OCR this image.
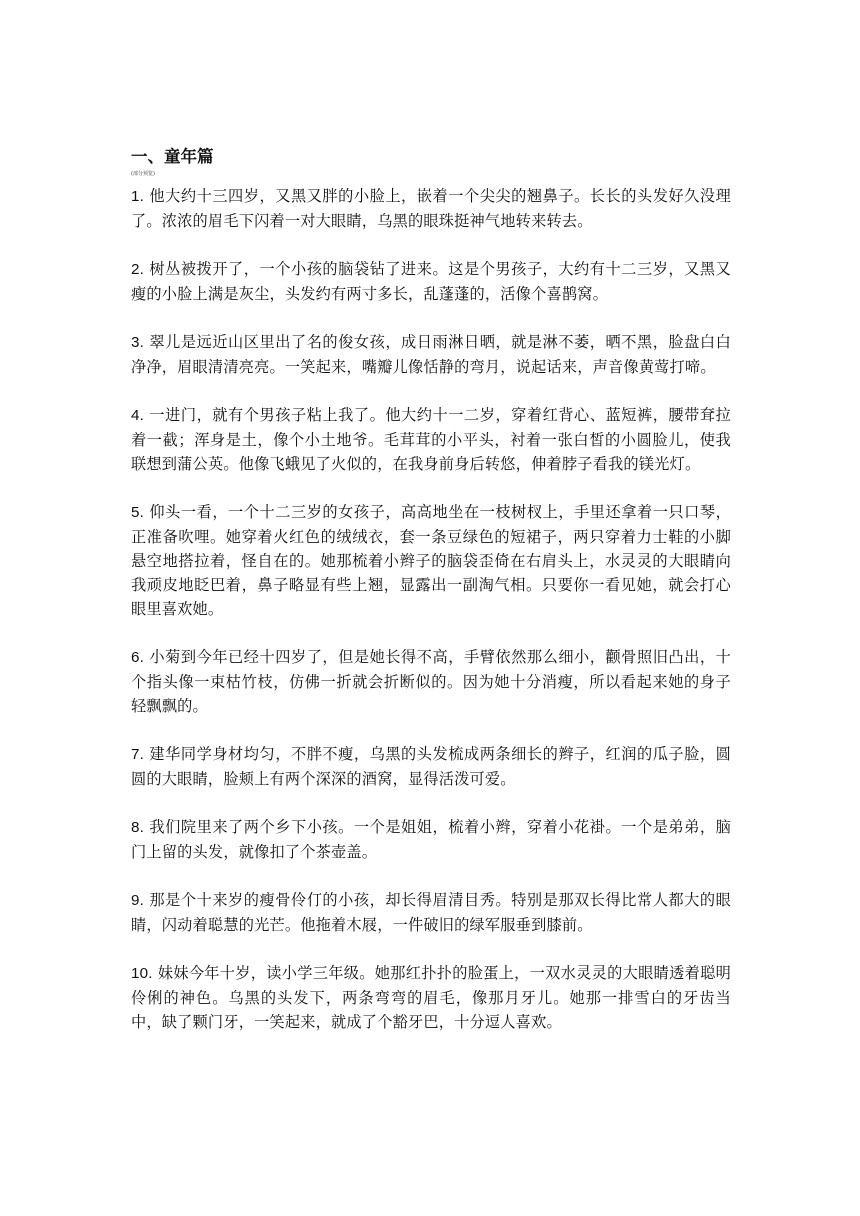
一、童年篇
(部分预览)

1. 他大约十三四岁，又黑又胖的小脸上，嵌着一个尖尖的翘鼻子。长长的头发好久没理了。浓浓的眉毛下闪着一对大眼睛，乌黑的眼珠挺神气地转来转去。

2. 树丛被拨开了，一个小孩的脑袋钻了进来。这是个男孩子，大约有十二三岁，又黑又瘦的小脸上满是灰尘，头发约有两寸多长，乱蓬蓬的，活像个喜鹊窝。

3. 翠儿是远近山区里出了名的俊女孩，成日雨淋日晒，就是淋不萎，晒不黑，脸盘白白净净，眉眼清清亮亮。一笑起来，嘴瓣儿像恬静的弯月，说起话来，声音像黄莺打啼。

4. 一进门，就有个男孩子粘上我了。他大约十一二岁，穿着红背心、蓝短裤，腰带耷拉着一截；浑身是土，像个小土地爷。毛茸茸的小平头，衬着一张白皙的小圆脸儿，使我联想到蒲公英。他像飞蛾见了火似的，在我身前身后转悠，伸着脖子看我的镁光灯。

5. 仰头一看，一个十二三岁的女孩子，高高地坐在一枝树杈上，手里还拿着一只口琴，正准备吹哩。她穿着火红色的绒绒衣，套一条豆绿色的短裙子，两只穿着力士鞋的小脚悬空地搭拉着，怪自在的。她那梳着小辫子的脑袋歪倚在右肩头上，水灵灵的大眼睛向我顽皮地眨巴着，鼻子略显有些上翘，显露出一副淘气相。只要你一看见她，就会打心眼里喜欢她。

6. 小菊到今年已经十四岁了，但是她长得不高，手臂依然那么细小，颧骨照旧凸出，十个指头像一束枯竹枝，仿佛一折就会折断似的。因为她十分消瘦，所以看起来她的身子轻飘飘的。

7. 建华同学身材均匀，不胖不瘦，乌黑的头发梳成两条细长的辫子，红润的瓜子脸，圆圆的大眼睛，脸颊上有两个深深的酒窝，显得活泼可爱。

8. 我们院里来了两个乡下小孩。一个是姐姐，梳着小辫，穿着小花褂。一个是弟弟，脑门上留的头发，就像扣了个茶壶盖。

9. 那是个十来岁的瘦骨伶仃的小孩，却长得眉清目秀。特别是那双长得比常人都大的眼睛，闪动着聪慧的光芒。他拖着木屐，一件破旧的绿军服垂到膝前。

10. 妹妹今年十岁，读小学三年级。她那红扑扑的脸蛋上，一双水灵灵的大眼睛透着聪明伶俐的神色。乌黑的头发下，两条弯弯的眉毛，像那月牙儿。她那一排雪白的牙齿当中，缺了颗门牙，一笑起来，就成了个豁牙巴，十分逗人喜欢。
